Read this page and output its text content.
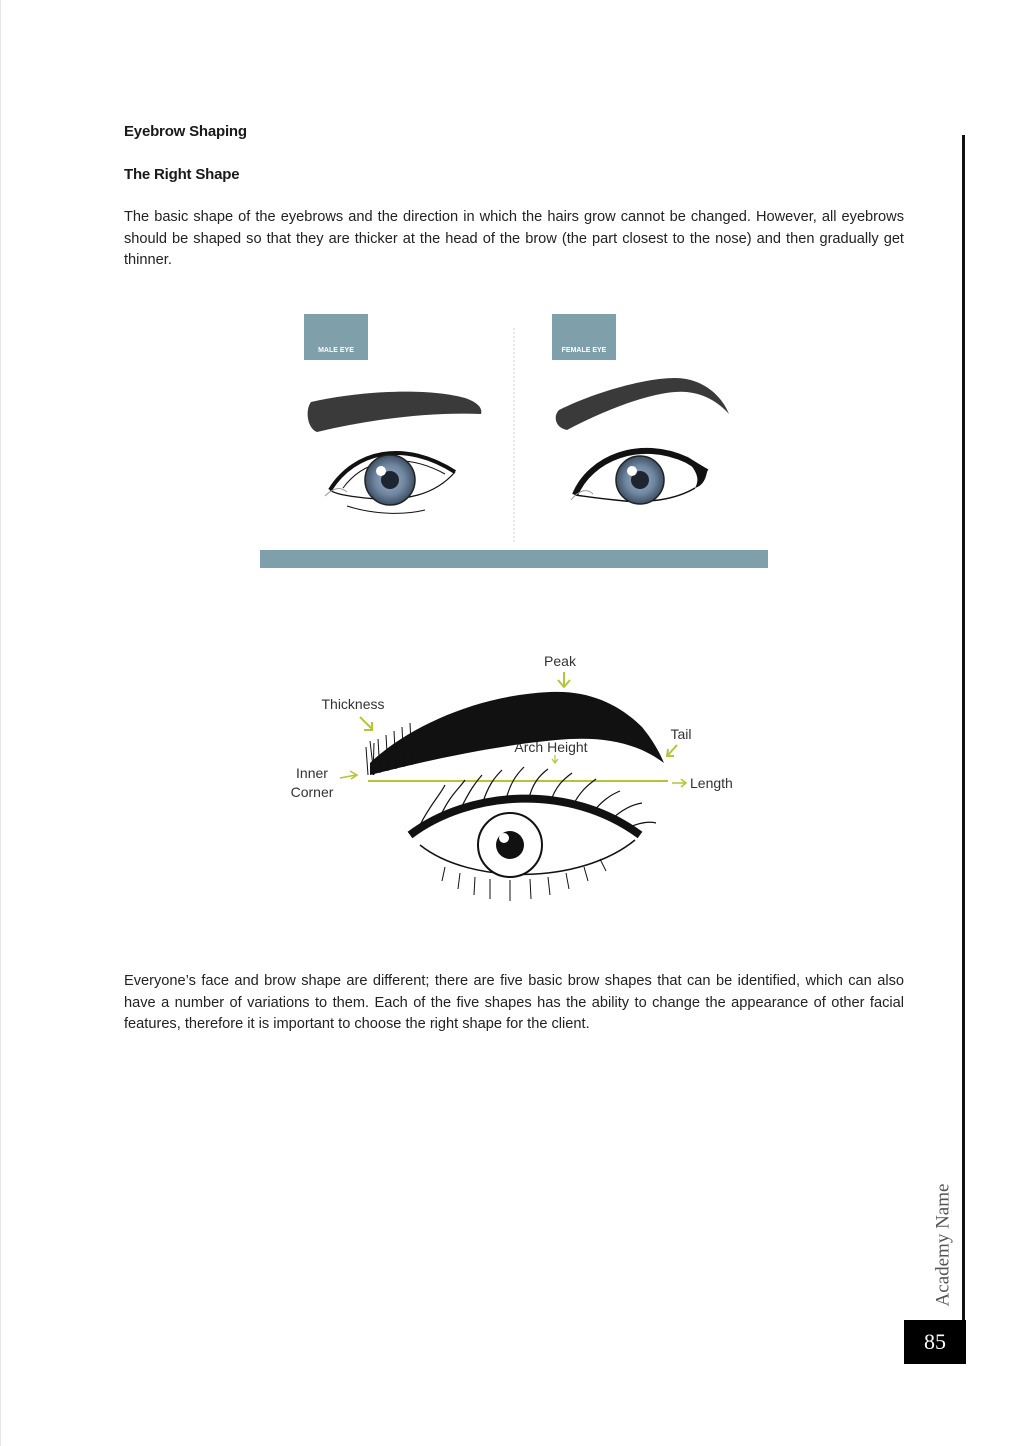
Eyebrow Shaping
The Right Shape

The basic shape of the eyebrows and the direction in which the hairs grow cannot be changed. However, all eyebrows should be shaped so that they are thicker at the head of the brow (the part closest to the nose) and then gradually get thinner.

MALE EYE	FEMALE EYE
Peak
Thickness
Arch Height
Tail
Inner
Corner
Length

Everyone’s face and brow shape are different; there are five basic brow shapes that can be identified, which can also have a number of variations to them. Each of the five shapes has the ability to change the appearance of other facial features, therefore it is important to choose the right shape for the client.

Academy Name
85
